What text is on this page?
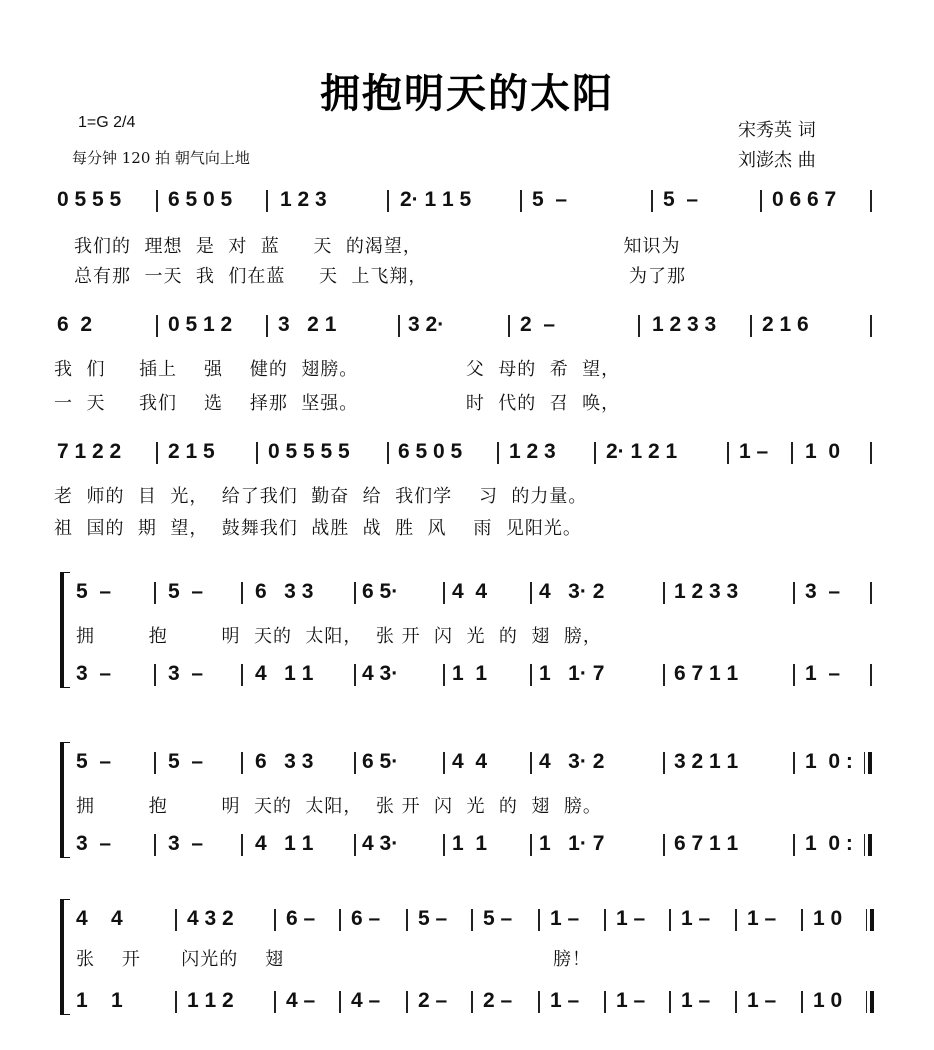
拥抱明天的太阳
1=G 2/4
每分钟 120 拍 朝气向上地
宋秀英 词
刘澎杰 曲
0 5 5 5 6 5 0 5 1 2 3	2· 1 1 5	5  –	5  –	0 6 6 7
我们的  理想  是  对  蓝     天  的渴望，                              知识为
总有那  一天  我  们在蓝     天  上飞翔，                              为了那
6  2	0 5 1 2 3   2 1	3 2·	2  –	1 2 3 3 2 1 6
我  们     插上    强    健的  翅膀。                父  母的  希  望，
一  天     我们    选    择那  坚强。                时  代的  召  唤，
7 1 2 2 2 1 5	0 5 5 5 5 6 5 0 5 1 2 3 2· 1 2 1	1 – 1  0
老  师的  目  光，  给了我们  勤奋  给  我们学    习  的力量。
祖  国的  期  望，  鼓舞我们  战胜  战  胜  风    雨  见阳光。
5  –	5  – 6   3 3 6 5·	4  4 4   3· 2	1 2 3 3	3  –
拥        抱        明  天的  太阳，  张 开  闪  光  的  翅  膀，
3  –	3  – 4   1 1 4 3·	1  1 1   1· 7	6 7 1 1	1  –
5  –	5  – 6   3 3 6 5·	4  4 4   3· 2	3 2 1 1	1  0 :
拥        抱        明  天的  太阳，  张 开  闪  光  的  翅  膀。
3  –	3  – 4   1 1 4 3·	1  1 1   1· 7	6 7 1 1	1  0 :
4    4	4 3 2 6 – 6 – 5 – 5 – 1 – 1 – 1 – 1 – 1 0
张    开      闪光的    翅                                        膀！
1    1	1 1 2 4 – 4 – 2 – 2 – 1 – 1 – 1 – 1 – 1 0
